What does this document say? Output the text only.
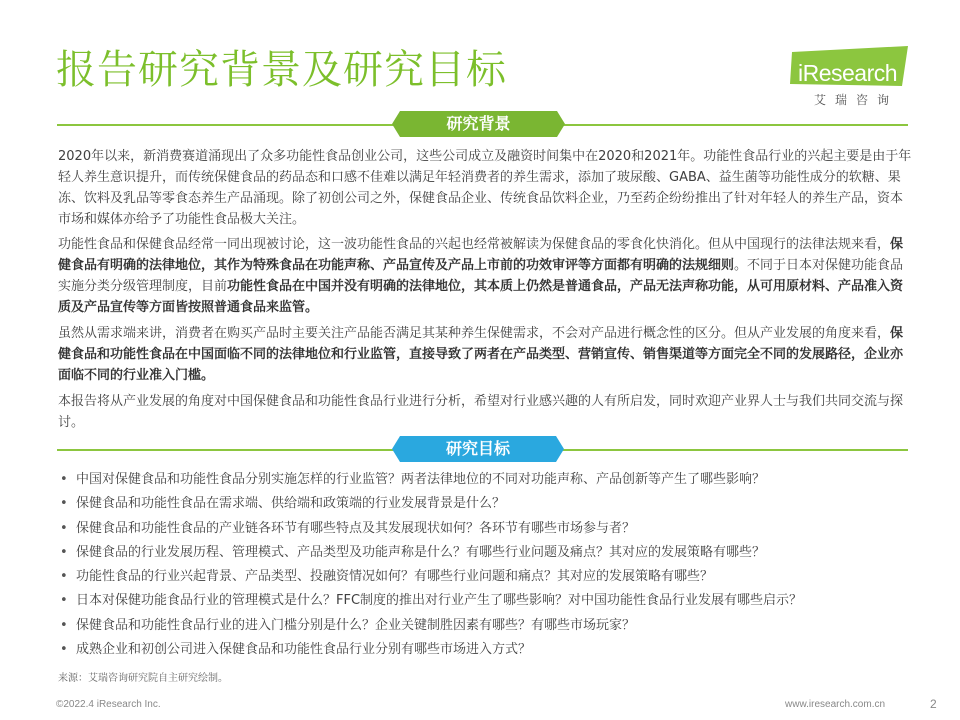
报告研究背景及研究目标	iResearch
艾瑞咨询
研究背景
2020年以来，新消费赛道涌现出了众多功能性食品创业公司，这些公司成立及融资时间集中在2020和2021年。功能性食品行业的兴起主要是由于年轻人养生意识提升，而传统保健食品的药品态和口感不佳难以满足年轻消费者的养生需求，添加了玻尿酸、GABA、益生菌等功能性成分的软糖、果冻、饮料及乳品等零食态养生产品涌现。除了初创公司之外，保健食品企业、传统食品饮料企业，乃至药企纷纷推出了针对年轻人的养生产品，资本市场和媒体亦给予了功能性食品极大关注。
功能性食品和保健食品经常一同出现被讨论，这一波功能性食品的兴起也经常被解读为保健食品的零食化快消化。但从中国现行的法律法规来看，保健食品有明确的法律地位，其作为特殊食品在功能声称、产品宣传及产品上市前的功效审评等方面都有明确的法规细则。不同于日本对保健功能食品实施分类分级管理制度，目前功能性食品在中国并没有明确的法律地位，其本质上仍然是普通食品，产品无法声称功能，从可用原材料、产品准入资质及产品宣传等方面皆按照普通食品来监管。
虽然从需求端来讲，消费者在购买产品时主要关注产品能否满足其某种养生保健需求，不会对产品进行概念性的区分。但从产业发展的角度来看，保健食品和功能性食品在中国面临不同的法律地位和行业监管，直接导致了两者在产品类型、营销宣传、销售渠道等方面完全不同的发展路径，企业亦面临不同的行业准入门槛。
本报告将从产业发展的角度对中国保健食品和功能性食品行业进行分析，希望对行业感兴趣的人有所启发，同时欢迎产业界人士与我们共同交流与探讨。
研究目标
• 中国对保健食品和功能性食品分别实施怎样的行业监管？两者法律地位的不同对功能声称、产品创新等产生了哪些影响？
• 保健食品和功能性食品在需求端、供给端和政策端的行业发展背景是什么？
• 保健食品和功能性食品的产业链各环节有哪些特点及其发展现状如何？各环节有哪些市场参与者？
• 保健食品的行业发展历程、管理模式、产品类型及功能声称是什么？有哪些行业问题及痛点？其对应的发展策略有哪些？
• 功能性食品的行业兴起背景、产品类型、投融资情况如何？有哪些行业问题和痛点？其对应的发展策略有哪些？
• 日本对保健功能食品行业的管理模式是什么？FFC制度的推出对行业产生了哪些影响？对中国功能性食品行业发展有哪些启示？
• 保健食品和功能性食品行业的进入门槛分别是什么？企业关键制胜因素有哪些？有哪些市场玩家？
• 成熟企业和初创公司进入保健食品和功能性食品行业分别有哪些市场进入方式？
来源：艾瑞咨询研究院自主研究绘制。
©2022.4 iResearch Inc.	www.iresearch.com.cn	2
